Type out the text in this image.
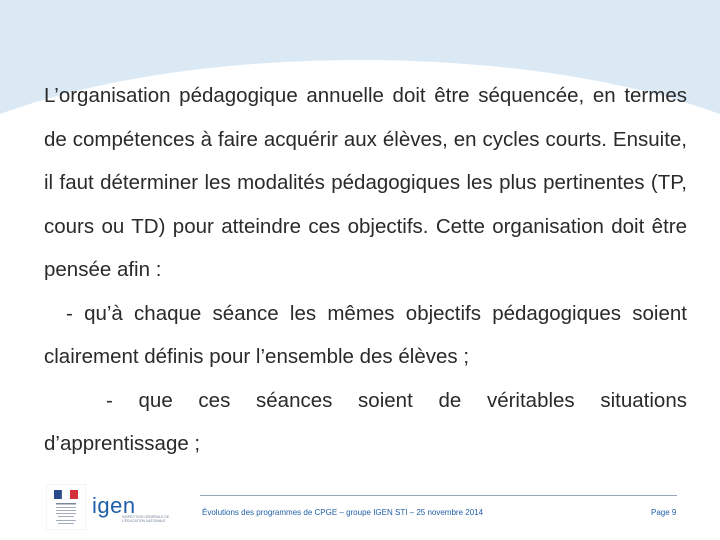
L’organisation pédagogique annuelle doit être séquencée, en termes de compétences à faire acquérir aux élèves, en cycles courts. Ensuite, il faut déterminer les modalités pédagogiques les plus pertinentes (TP, cours ou TD) pour atteindre ces objectifs. Cette organisation doit être pensée afin :

- qu’à chaque séance les mêmes objectifs pédagogiques soient clairement définis pour l’ensemble des élèves ;

- que ces séances soient de véritables situations d’apprentissage ;

igen
INSPECTION GÉNÉRALE DE L'ÉDUCATION NATIONALE
Évolutions des programmes de CPGE – groupe IGEN STI – 25 novembre 2014	Page 9
